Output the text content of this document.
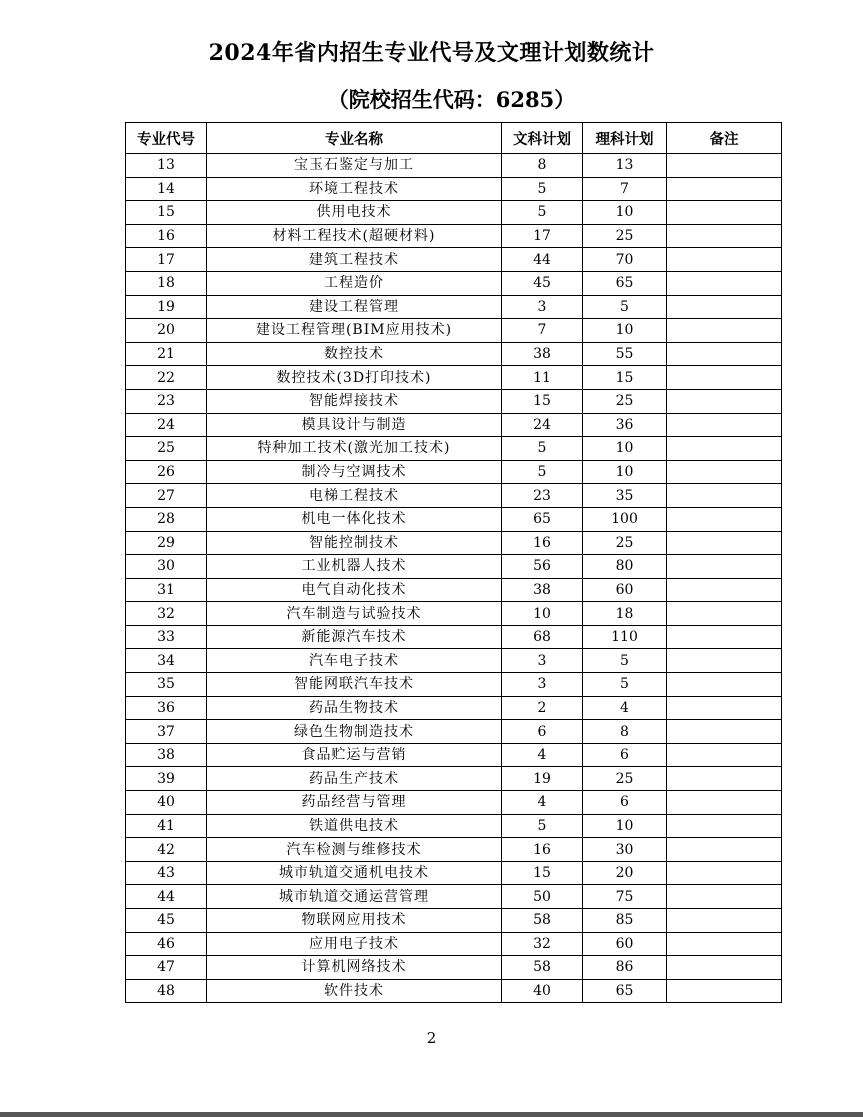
2024年省内招生专业代号及文理计划数统计
（院校招生代码：6285）
专业代号	专业名称	文科计划	理科计划	备注
13	宝玉石鉴定与加工	8	13	
14	环境工程技术	5	7	
15	供用电技术	5	10	
16	材料工程技术(超硬材料)	17	25	
17	建筑工程技术	44	70	
18	工程造价	45	65	
19	建设工程管理	3	5	
20	建设工程管理(BIM应用技术)	7	10	
21	数控技术	38	55	
22	数控技术(3D打印技术)	11	15	
23	智能焊接技术	15	25	
24	模具设计与制造	24	36	
25	特种加工技术(激光加工技术)	5	10	
26	制冷与空调技术	5	10	
27	电梯工程技术	23	35	
28	机电一体化技术	65	100	
29	智能控制技术	16	25	
30	工业机器人技术	56	80	
31	电气自动化技术	38	60	
32	汽车制造与试验技术	10	18	
33	新能源汽车技术	68	110	
34	汽车电子技术	3	5	
35	智能网联汽车技术	3	5	
36	药品生物技术	2	4	
37	绿色生物制造技术	6	8	
38	食品贮运与营销	4	6	
39	药品生产技术	19	25	
40	药品经营与管理	4	6	
41	铁道供电技术	5	10	
42	汽车检测与维修技术	16	30	
43	城市轨道交通机电技术	15	20	
44	城市轨道交通运营管理	50	75	
45	物联网应用技术	58	85	
46	应用电子技术	32	60	
47	计算机网络技术	58	86	
48	软件技术	40	65	
2
